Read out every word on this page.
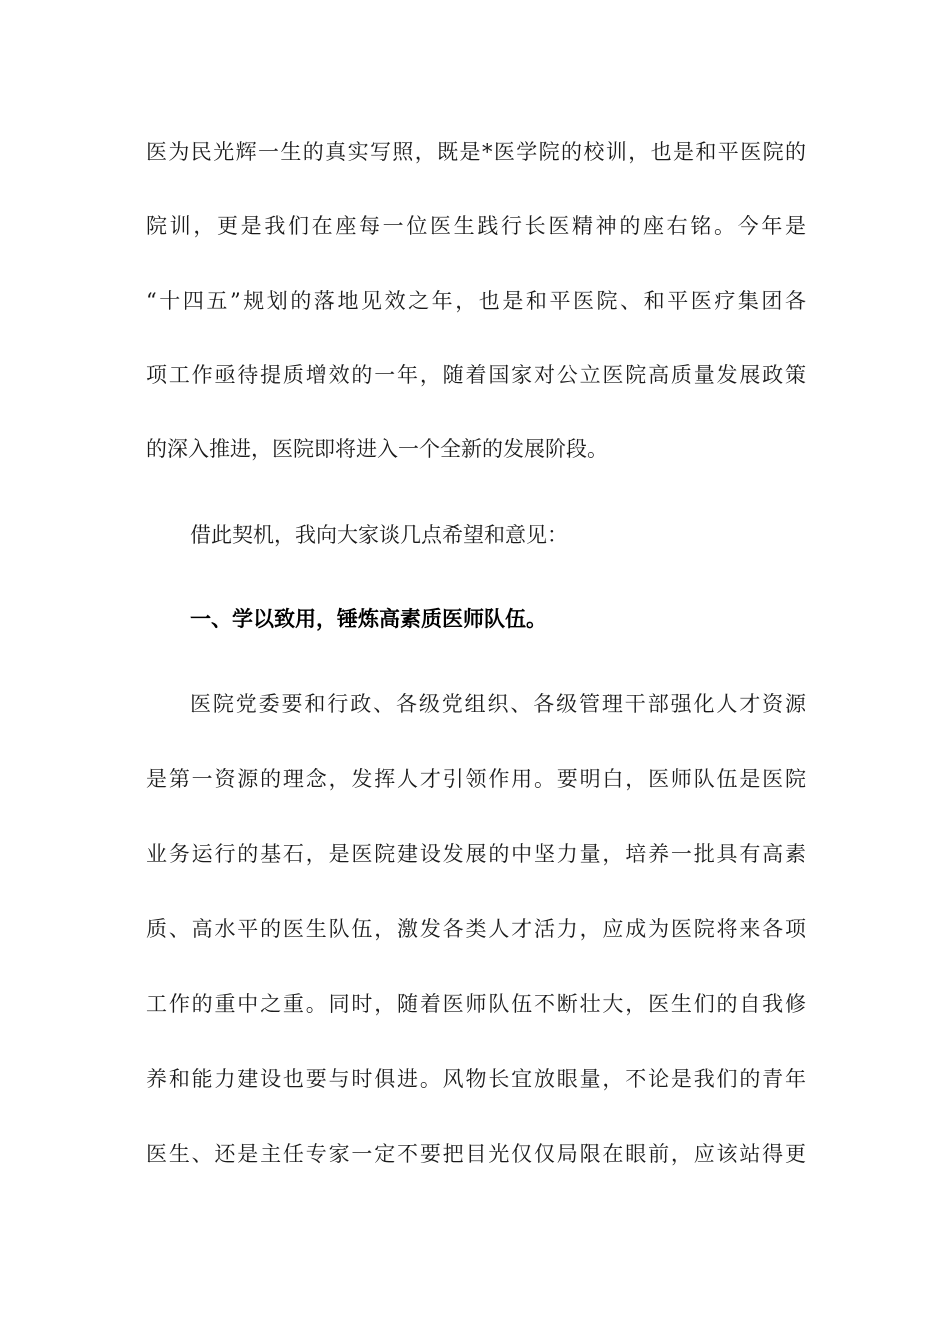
医为民光辉一生的真实写照，既是*医学院的校训，也是和平医院的
院训，更是我们在座每一位医生践行长医精神的座右铭。今年是
“十四五”规划的落地见效之年，也是和平医院、和平医疗集团各
项工作亟待提质增效的一年，随着国家对公立医院高质量发展政策
的深入推进，医院即将进入一个全新的发展阶段。
借此契机，我向大家谈几点希望和意见：
一、学以致用，锤炼高素质医师队伍。
医院党委要和行政、各级党组织、各级管理干部强化人才资源
是第一资源的理念，发挥人才引领作用。要明白，医师队伍是医院
业务运行的基石，是医院建设发展的中坚力量，培养一批具有高素
质、高水平的医生队伍，激发各类人才活力，应成为医院将来各项
工作的重中之重。同时，随着医师队伍不断壮大，医生们的自我修
养和能力建设也要与时俱进。风物长宜放眼量，不论是我们的青年
医生、还是主任专家一定不要把目光仅仅局限在眼前，应该站得更
